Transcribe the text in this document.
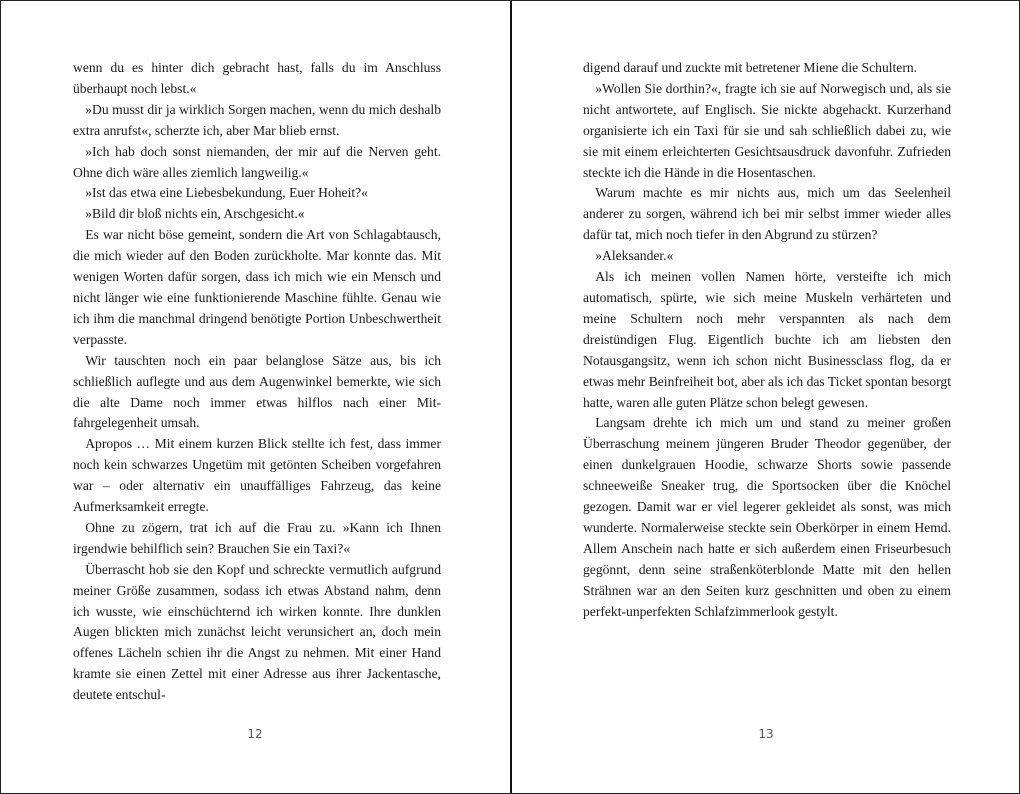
wenn du es hinter dich gebracht hast, falls du im Anschluss überhaupt noch lebst.«

»Du musst dir ja wirklich Sorgen machen, wenn du mich deshalb extra anrufst«, scherzte ich, aber Mar blieb ernst.

»Ich hab doch sonst niemanden, der mir auf die Nerven geht. Ohne dich wäre alles ziemlich langweilig.«

»Ist das etwa eine Liebesbekundung, Euer Hoheit?«

»Bild dir bloß nichts ein, Arschgesicht.«

Es war nicht böse gemeint, sondern die Art von Schlagabtausch, die mich wieder auf den Boden zurückholte. Mar konnte das. Mit wenigen Worten dafür sorgen, dass ich mich wie ein Mensch und nicht länger wie eine funktionierende Maschine fühlte. Genau wie ich ihm die manchmal dringend benötigte Portion Unbeschwertheit verpasste.

Wir tauschten noch ein paar belanglose Sätze aus, bis ich schließlich auflegte und aus dem Augenwinkel bemerkte, wie sich die alte Dame noch immer etwas hilflos nach einer Mitfahrgelegenheit umsah.

Apropos … Mit einem kurzen Blick stellte ich fest, dass immer noch kein schwarzes Ungetüm mit getönten Scheiben vorgefahren war – oder alternativ ein unauffälliges Fahrzeug, das keine Aufmerksamkeit erregte.

Ohne zu zögern, trat ich auf die Frau zu. »Kann ich Ihnen irgendwie behilflich sein? Brauchen Sie ein Taxi?«

Überrascht hob sie den Kopf und schreckte vermutlich aufgrund meiner Größe zusammen, sodass ich etwas Abstand nahm, denn ich wusste, wie einschüchternd ich wirken konnte. Ihre dunklen Augen blickten mich zunächst leicht verunsichert an, doch mein offenes Lächeln schien ihr die Angst zu nehmen. Mit einer Hand kramte sie einen Zettel mit einer Adresse aus ihrer Jackentasche, deutete entschul-

12

digend darauf und zuckte mit betretener Miene die Schultern.

»Wollen Sie dorthin?«, fragte ich sie auf Norwegisch und, als sie nicht antwortete, auf Englisch. Sie nickte abgehackt. Kurzerhand organisierte ich ein Taxi für sie und sah schließlich dabei zu, wie sie mit einem erleichterten Gesichtsausdruck davonfuhr. Zufrieden steckte ich die Hände in die Hosentaschen.

Warum machte es mir nichts aus, mich um das Seelenheil anderer zu sorgen, während ich bei mir selbst immer wieder alles dafür tat, mich noch tiefer in den Abgrund zu stürzen?

»Aleksander.«

Als ich meinen vollen Namen hörte, versteifte ich mich automatisch, spürte, wie sich meine Muskeln verhärteten und meine Schultern noch mehr verspannten als nach dem dreistündigen Flug. Eigentlich buchte ich am liebsten den Notausgangsitz, wenn ich schon nicht Businessclass flog, da er etwas mehr Beinfreiheit bot, aber als ich das Ticket spontan besorgt hatte, waren alle guten Plätze schon belegt gewesen.

Langsam drehte ich mich um und stand zu meiner großen Überraschung meinem jüngeren Bruder Theodor gegenüber, der einen dunkelgrauen Hoodie, schwarze Shorts sowie passende schneeweiße Sneaker trug, die Sportsocken über die Knöchel gezogen. Damit war er viel legerer gekleidet als sonst, was mich wunderte. Normalerweise steckte sein Oberkörper in einem Hemd. Allem Anschein nach hatte er sich außerdem einen Friseurbesuch gegönnt, denn seine straßenköterblonde Matte mit den hellen Strähnen war an den Seiten kurz geschnitten und oben zu einem perfekt-unperfekten Schlafzimmerlook gestylt.

13
